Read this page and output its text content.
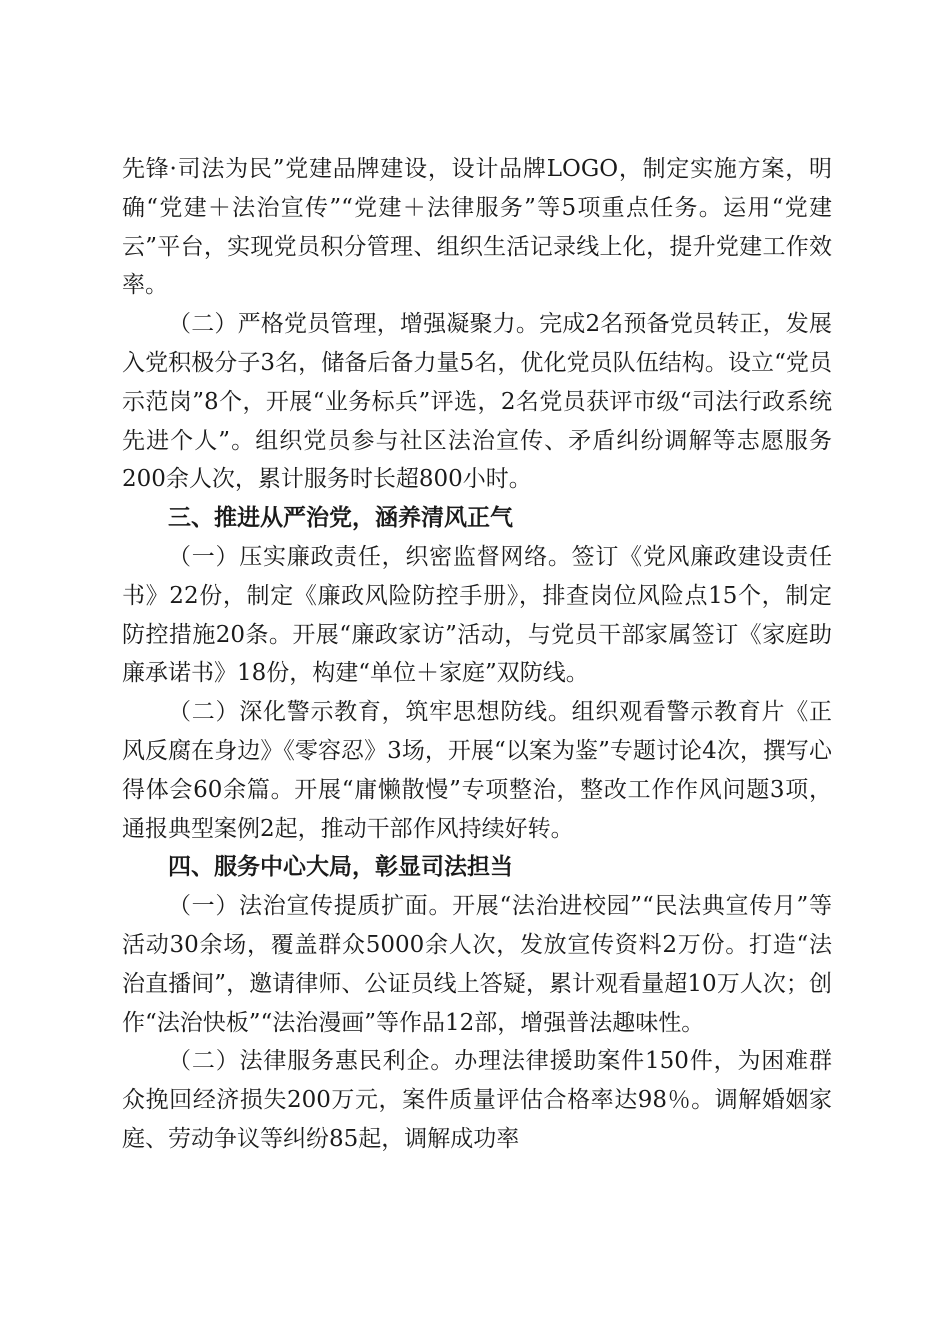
先锋·司法为民”党建品牌建设，设计品牌LOGO，制定实施方案，明确“党建＋法治宣传”“党建＋法律服务”等5项重点任务。运用“党建云”平台，实现党员积分管理、组织生活记录线上化，提升党建工作效率。

（二）严格党员管理，增强凝聚力。完成2名预备党员转正，发展入党积极分子3名，储备后备力量5名，优化党员队伍结构。设立“党员示范岗”8个，开展“业务标兵”评选，2名党员获评市级“司法行政系统先进个人”。组织党员参与社区法治宣传、矛盾纠纷调解等志愿服务200余人次，累计服务时长超800小时。

三、推进从严治党，涵养清风正气

（一）压实廉政责任，织密监督网络。签订《党风廉政建设责任书》22份，制定《廉政风险防控手册》，排查岗位风险点15个，制定防控措施20条。开展“廉政家访”活动，与党员干部家属签订《家庭助廉承诺书》18份，构建“单位＋家庭”双防线。

（二）深化警示教育，筑牢思想防线。组织观看警示教育片《正风反腐在身边》《零容忍》3场，开展“以案为鉴”专题讨论4次，撰写心得体会60余篇。开展“庸懒散慢”专项整治，整改工作作风问题3项，通报典型案例2起，推动干部作风持续好转。

四、服务中心大局，彰显司法担当

（一）法治宣传提质扩面。开展“法治进校园”“民法典宣传月”等活动30余场，覆盖群众5000余人次，发放宣传资料2万份。打造“法治直播间”，邀请律师、公证员线上答疑，累计观看量超10万人次；创作“法治快板”“法治漫画”等作品12部，增强普法趣味性。

（二）法律服务惠民利企。办理法律援助案件150件，为困难群众挽回经济损失200万元，案件质量评估合格率达98％。调解婚姻家庭、劳动争议等纠纷85起，调解成功率
